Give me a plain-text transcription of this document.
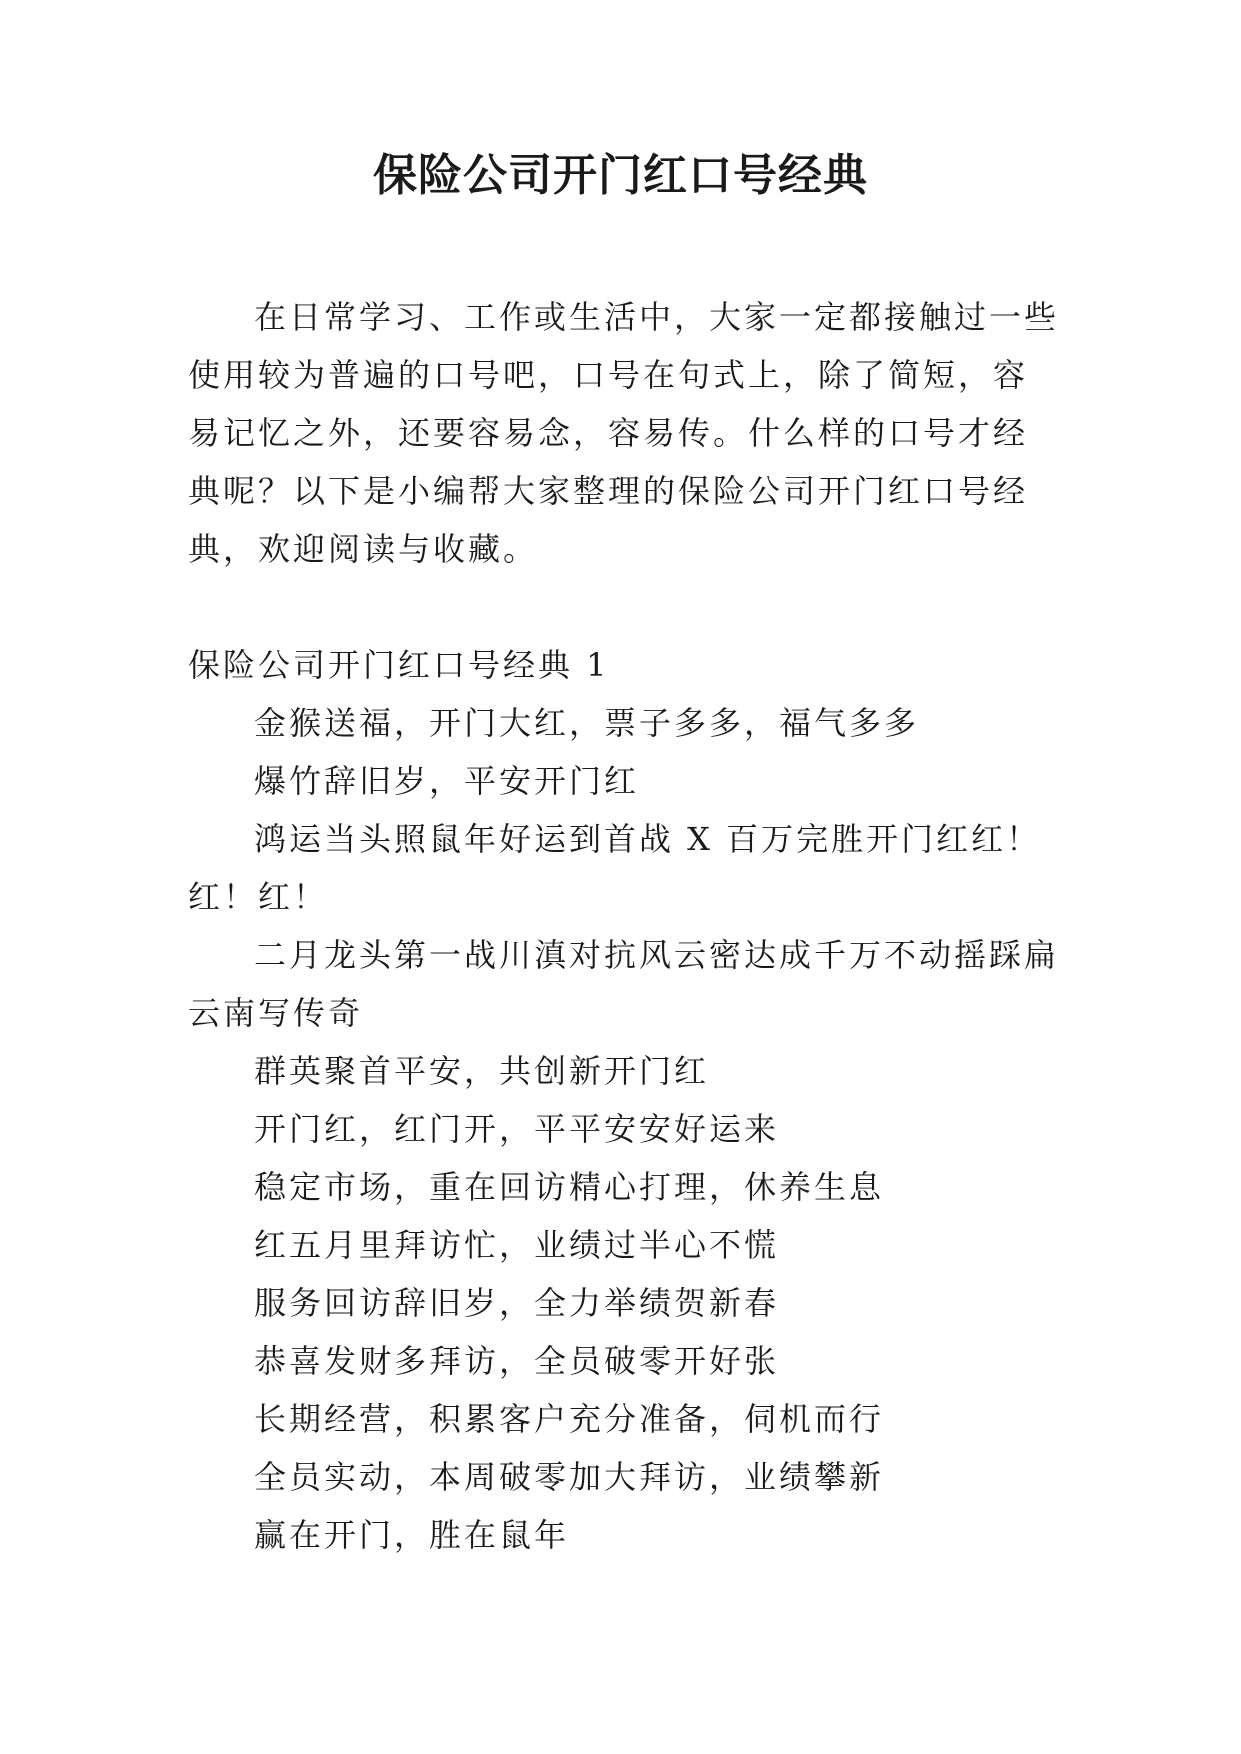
保险公司开门红口号经典

在日常学习、工作或生活中，大家一定都接触过一些使用较为普遍的口号吧，口号在句式上，除了简短，容易记忆之外，还要容易念，容易传。什么样的口号才经典呢？以下是小编帮大家整理的保险公司开门红口号经典，欢迎阅读与收藏。

保险公司开门红口号经典 1
金猴送福，开门大红，票子多多，福气多多
爆竹辞旧岁，平安开门红
鸿运当头照鼠年好运到首战 X 百万完胜开门红红！红！红！
二月龙头第一战川滇对抗风云密达成千万不动摇踩扁云南写传奇
群英聚首平安，共创新开门红
开门红，红门开，平平安安好运来
稳定市场，重在回访精心打理，休养生息
红五月里拜访忙，业绩过半心不慌
服务回访辞旧岁，全力举绩贺新春
恭喜发财多拜访，全员破零开好张
长期经营，积累客户充分准备，伺机而行
全员实动，本周破零加大拜访，业绩攀新
赢在开门，胜在鼠年
